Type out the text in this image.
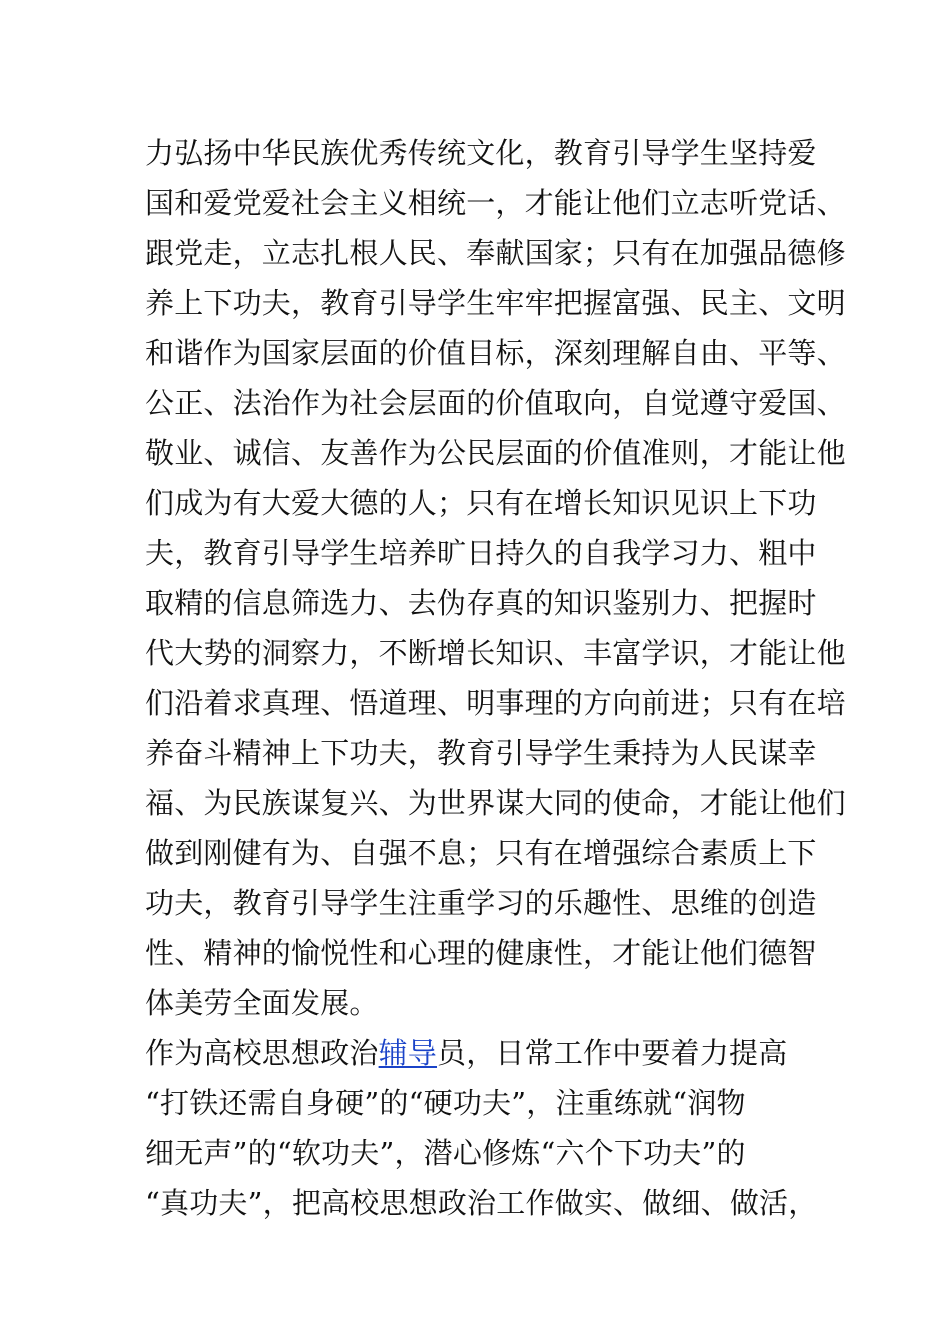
力弘扬中华民族优秀传统文化，教育引导学生坚持爱
国和爱党爱社会主义相统一，才能让他们立志听党话、
跟党走，立志扎根人民、奉献国家；只有在加强品德修
养上下功夫，教育引导学生牢牢把握富强、民主、文明
和谐作为国家层面的价值目标，深刻理解自由、平等、
公正、法治作为社会层面的价值取向，自觉遵守爱国、
敬业、诚信、友善作为公民层面的价值准则，才能让他
们成为有大爱大德的人；只有在增长知识见识上下功
夫，教育引导学生培养旷日持久的自我学习力、粗中
取精的信息筛选力、去伪存真的知识鉴别力、把握时
代大势的洞察力，不断增长知识、丰富学识，才能让他
们沿着求真理、悟道理、明事理的方向前进；只有在培
养奋斗精神上下功夫，教育引导学生秉持为人民谋幸
福、为民族谋复兴、为世界谋大同的使命，才能让他们
做到刚健有为、自强不息；只有在增强综合素质上下
功夫，教育引导学生注重学习的乐趣性、思维的创造
性、精神的愉悦性和心理的健康性，才能让他们德智
体美劳全面发展。
作为高校思想政治辅导员，日常工作中要着力提高
“打铁还需自身硬”的“硬功夫”，注重练就“润物
细无声”的“软功夫”，潜心修炼“六个下功夫”的
“真功夫”，把高校思想政治工作做实、做细、做活，
